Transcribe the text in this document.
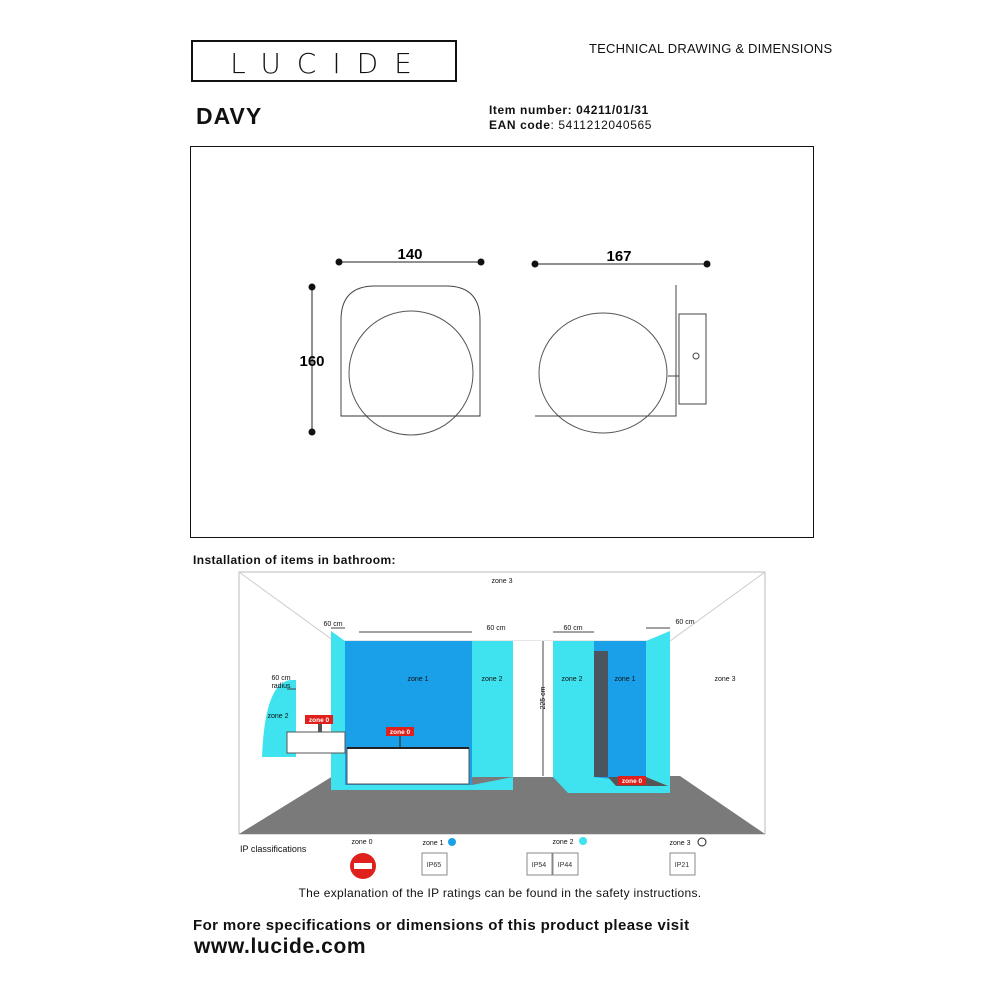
LUCIDE	TECHNICAL DRAWING & DIMENSIONS
DAVY	Item number: 04211/01/31
EAN code: 5411212040565
140
160
167
Installation of items in bathroom:
zone 3
zone 3
zone 1	zone 1
zone 2	zone 2
zone 2
60 cm	60 cm
60 cm	60 cm
60 cm
radius
225 cm
zone 0
zone 0
zone 0
IP classifications
zone 0	zone 1	zone 2	zone 3
IP65	IP54 IP44	IP21
The explanation of the IP ratings can be found in the safety instructions.
For more specifications or dimensions of this product please visit
www.lucide.com
